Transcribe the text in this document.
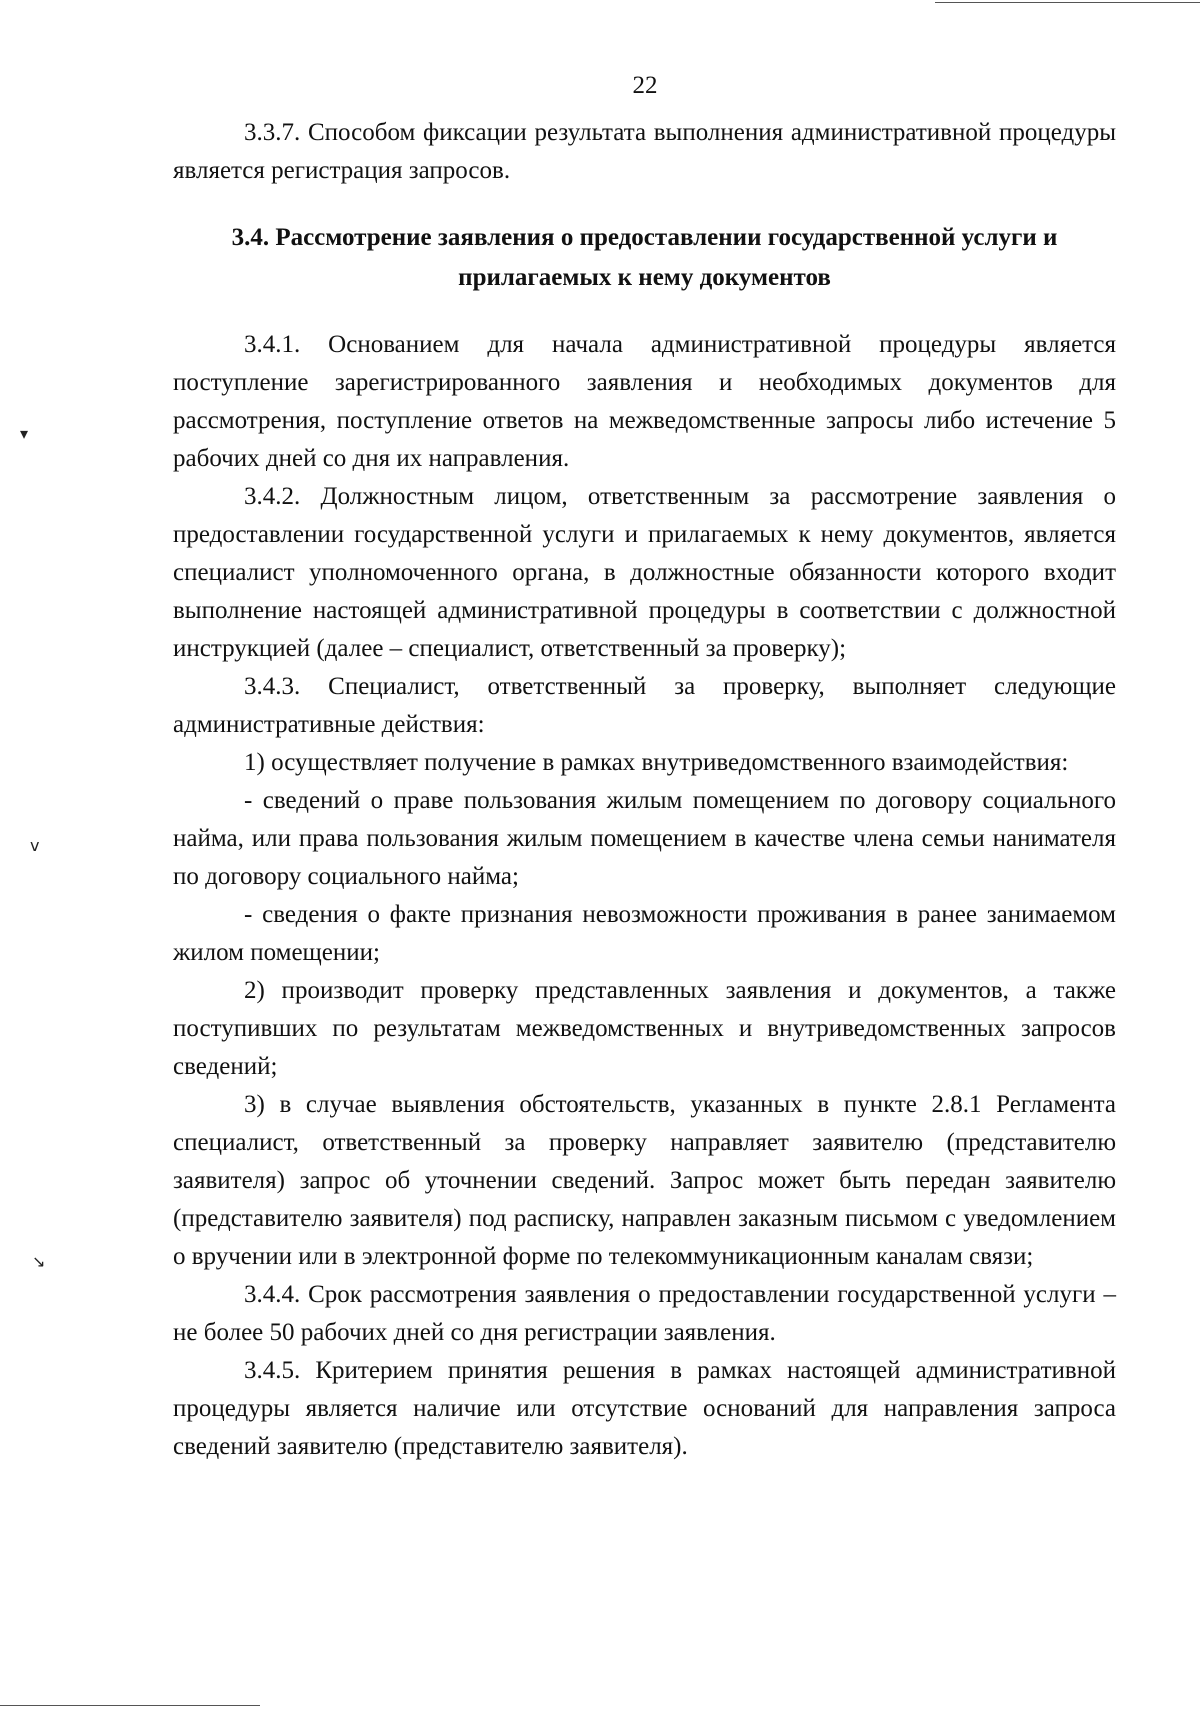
▾
v
↘
22

3.3.7. Способом фиксации результата выполнения административной процедуры является регистрация запросов.

3.4. Рассмотрение заявления о предоставлении государственной услуги и
прилагаемых к нему документов

3.4.1. Основанием для начала административной процедуры является поступление зарегистрированного заявления и необходимых документов для рассмотрения, поступление ответов на межведомственные запросы либо истечение 5 рабочих дней со дня их направления.

3.4.2. Должностным лицом, ответственным за рассмотрение заявления о предоставлении государственной услуги и прилагаемых к нему документов, является специалист уполномоченного органа, в должностные обязанности которого входит выполнение настоящей административной процедуры в соответствии с должностной инструкцией (далее – специалист, ответственный за проверку);

3.4.3. Специалист, ответственный за проверку, выполняет следующие административные действия:

1) осуществляет получение в рамках внутриведомственного взаимодействия:

- сведений о праве пользования жилым помещением по договору социального найма, или права пользования жилым помещением в качестве члена семьи нанимателя по договору социального найма;

- сведения о факте признания невозможности проживания в ранее занимаемом жилом помещении;

2) производит проверку представленных заявления и документов, а также поступивших по результатам межведомственных и внутриведомственных запросов сведений;

3) в случае выявления обстоятельств, указанных в пункте 2.8.1 Регламента специалист, ответственный за проверку направляет заявителю (представителю заявителя) запрос об уточнении сведений. Запрос может быть передан заявителю (представителю заявителя) под расписку, направлен заказным письмом с уведомлением о вручении или в электронной форме по телекоммуникационным каналам связи;

3.4.4. Срок рассмотрения заявления о предоставлении государственной услуги – не более 50 рабочих дней со дня регистрации заявления.

3.4.5. Критерием принятия решения в рамках настоящей административной процедуры является наличие или отсутствие оснований для направления запроса сведений заявителю (представителю заявителя).
